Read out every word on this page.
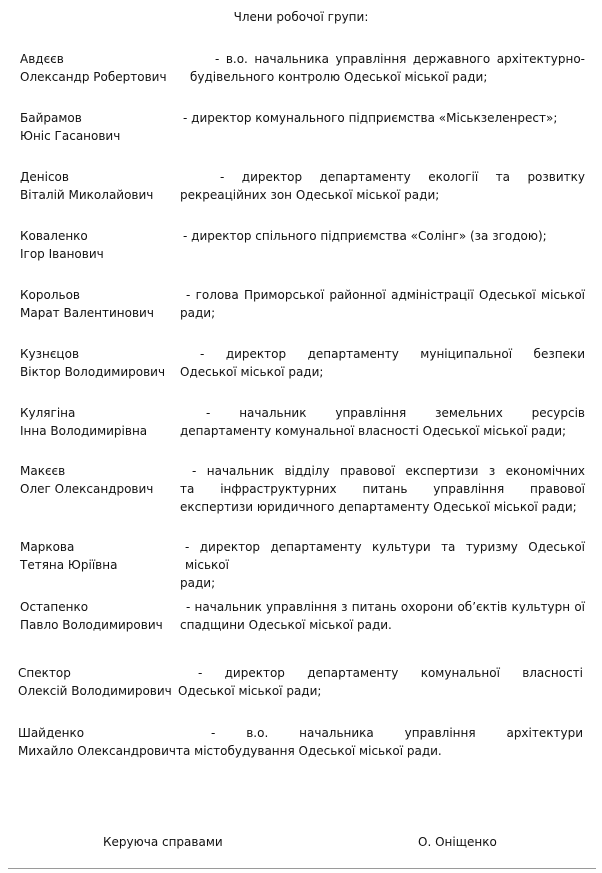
Члени робочої групи:
Авдєєв
Олександр Робертович
- в.о. начальника управління державного архітектурно-
будівельного контролю Одеської міської ради;
Байрамов
Юніс Гасанович
- директор комунального підприємства «Міськзеленрест»;
Денісов
Віталій Миколайович
- директор департаменту екології та розвитку
рекреаційних зон Одеської міської ради;
Коваленко
Ігор Іванович
- директор спільного підприємства «Солінг» (за згодою);
Корольов
Марат Валентинович
- голова Приморської районної адміністрації Одеської міської
ради;
Кузнєцов
Віктор Володимирович
- директор департаменту муніципальної безпеки
Одеської міської ради;
Кулягіна
Інна Володимирівна
- начальник управління земельних ресурсів
департаменту комунальної власності Одеської міської ради;
Макєєв
Олег Олександрович
- начальник відділу правової експертизи з економічних
та інфраструктурних питань управління правової
експертизи юридичного департаменту Одеської міської ради;
Маркова
Тетяна Юріївна
- директор департаменту культури та туризму Одеської міської
ради;
Остапенко
Павло Володимирович
- начальник управління з питань охорони об’єктів культурн ої
спадщини Одеської міської ради.
Спектор
Олексій Володимирович
- директор департаменту комунальної власності
Одеської міської ради;
Шайденко
Михайло Олександрович
- в.о. начальника управління архітектури
та містобудування Одеської міської ради.
Керуюча справами	О. Оніщенко
